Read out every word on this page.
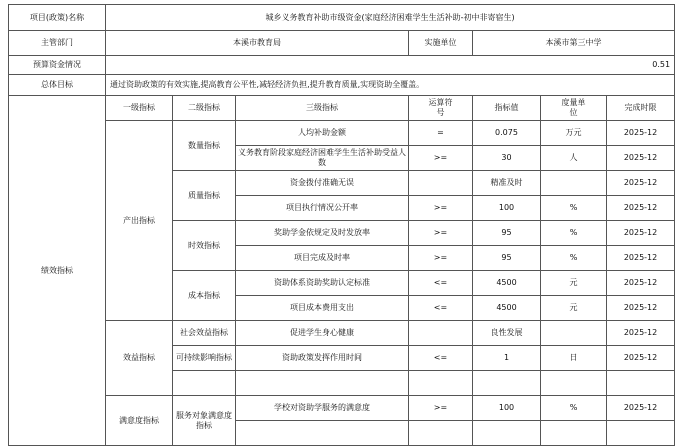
项目(政策)名称	城乡义务教育补助市级资金(家庭经济困难学生生活补助-初中非寄宿生)						
主管部门	本溪市教育局			实施单位	本溪市第三中学		
预算资金情况	0.51						
总体目标	通过资助政策的有效实施,提高教育公平性,减轻经济负担,提升教育质量,实现资助全覆盖。						
绩效指标	一级指标	二级指标	三级指标	运算符号	指标值	度量单位	完成时限
	产出指标	数量指标	人均补助金额	=	0.075	万元	2025-12
			义务教育阶段家庭经济困难学生生活补助受益人数	>=	30	人	2025-12
		质量指标	资金拨付准确无误		精准及时		2025-12
			项目执行情况公开率	>=	100	%	2025-12
		时效指标	奖助学金依规定及时发放率	>=	95	%	2025-12
			项目完成及时率	>=	95	%	2025-12
		成本指标	资助体系资助奖助认定标准	<=	4500	元	2025-12
			项目成本费用支出	<=	4500	元	2025-12
	效益指标	社会效益指标	促进学生身心健康		良性发展		2025-12
		可持续影响指标	资助政策发挥作用时间	<=	1	日	2025-12

	满意度指标	服务对象满意度指标	学校对资助学服务的满意度	>=	100	%	2025-12
